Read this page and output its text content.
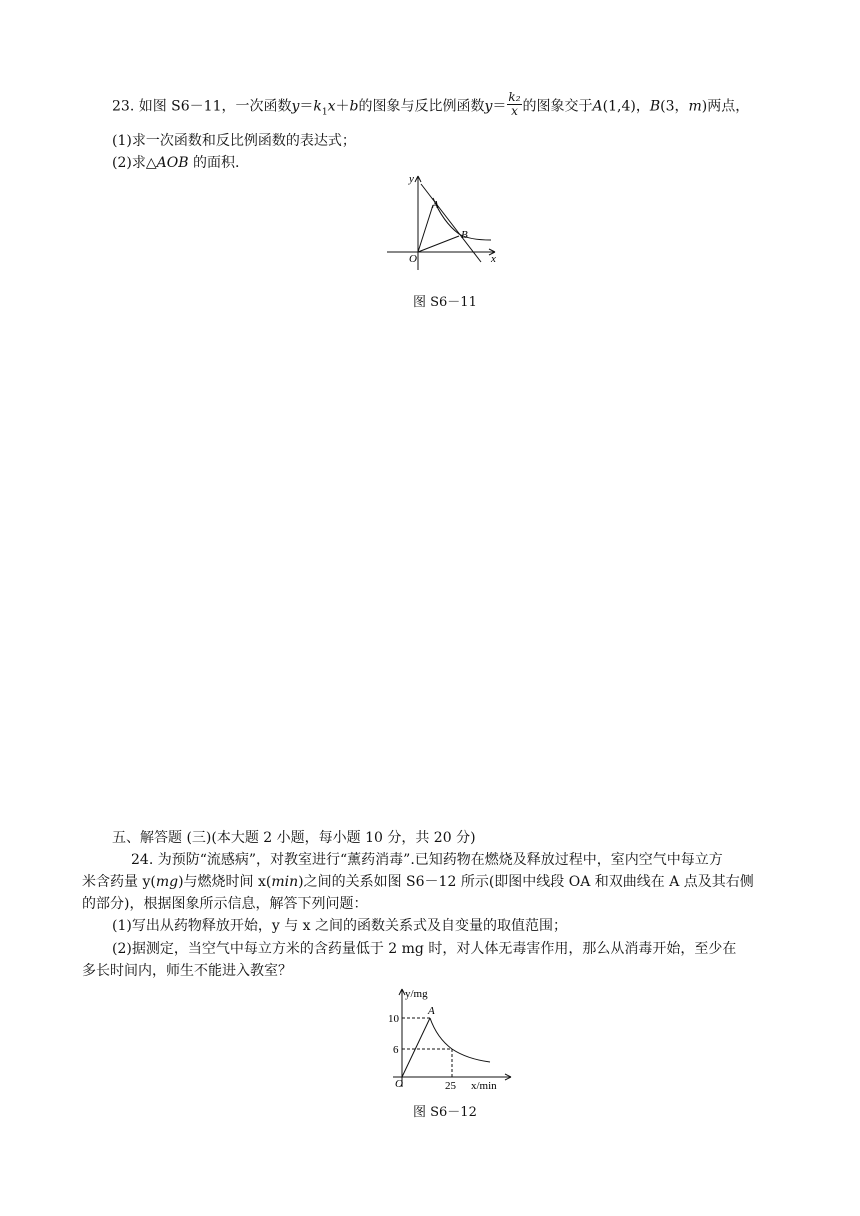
23. 如图 S6－11，一次函数$y=k_1x+b$的图象与反比例函数$y= \frac{\text{k₂}}{x}$ 的图象交于A(1,4)，B(3，m)两点，
(1)求一次函数和反比例函数的表达式；
(2)求△AOB 的面积.
y
x
O
A
B
图 S6－11
五、解答题 (三)(本大题 2 小题，每小题 10 分，共 20 分)
24. 为预防“流感病”，对教室进行“薰药消毒”.已知药物在燃烧及释放过程中，室内空气中每立方
米含药量 y(mg)与燃烧时间 x(min)之间的关系如图 S6－12 所示(即图中线段 OA 和双曲线在 A 点及其右侧
的部分)，根据图象所示信息，解答下列问题：
(1)写出从药物释放开始，y 与 x 之间的函数关系式及自变量的取值范围；
(2)据测定，当空气中每立方米的含药量低于 2 mg 时，对人体无毒害作用，那么从消毒开始，至少在
多长时间内，师生不能进入教室？
y/mg
x/min
10
6
25
O
A
图 S6－12
